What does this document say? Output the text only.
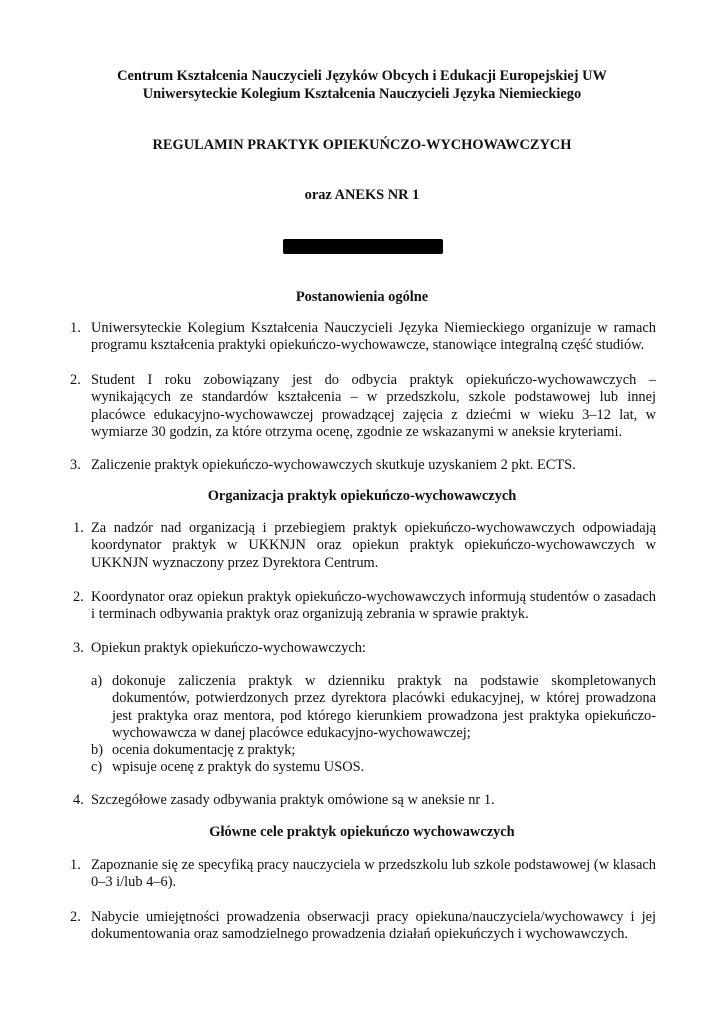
Centrum Kształcenia Nauczycieli Języków Obcych i Edukacji Europejskiej UW
Uniwersyteckie Kolegium Kształcenia Nauczycieli Języka Niemieckiego
REGULAMIN PRAKTYK OPIEKUŃCZO-WYCHOWAWCZYCH
oraz ANEKS NR 1
Postanowienia ogólne
1. Uniwersyteckie Kolegium Kształcenia Nauczycieli Języka Niemieckiego organizuje w ramach programu kształcenia praktyki opiekuńczo-wychowawcze, stanowiące integralną część studiów.
2. Student I roku zobowiązany jest do odbycia praktyk opiekuńczo-wychowawczych – wynikających ze standardów kształcenia – w przedszkolu, szkole podstawowej lub innej placówce edukacyjno-wychowawczej prowadzącej zajęcia z dziećmi w wieku 3–12 lat, w wymiarze 30 godzin, za które otrzyma ocenę, zgodnie ze wskazanymi w aneksie kryteriami.
3. Zaliczenie praktyk opiekuńczo-wychowawczych skutkuje uzyskaniem 2 pkt. ECTS.
Organizacja praktyk opiekuńczo-wychowawczych
1. Za nadzór nad organizacją i przebiegiem praktyk opiekuńczo-wychowawczych odpowiadają koordynator praktyk w UKKNJN oraz opiekun praktyk opiekuńczo-wychowawczych w UKKNJN wyznaczony przez Dyrektora Centrum.
2. Koordynator oraz opiekun praktyk opiekuńczo-wychowawczych informują studentów o zasadach i terminach odbywania praktyk oraz organizują zebrania w sprawie praktyk.
3. Opiekun praktyk opiekuńczo-wychowawczych:
a) dokonuje zaliczenia praktyk w dzienniku praktyk na podstawie skompletowanych dokumentów, potwierdzonych przez dyrektora placówki edukacyjnej, w której prowadzona jest praktyka oraz mentora, pod którego kierunkiem prowadzona jest praktyka opiekuńczo-wychowawcza w danej placówce edukacyjno-wychowawczej;
b) ocenia dokumentację z praktyk;
c) wpisuje ocenę z praktyk do systemu USOS.
4. Szczegółowe zasady odbywania praktyk omówione są w aneksie nr 1.
Główne cele praktyk opiekuńczo wychowawczych
1. Zapoznanie się ze specyfiką pracy nauczyciela w przedszkolu lub szkole podstawowej (w klasach 0–3 i/lub 4–6).
2. Nabycie umiejętności prowadzenia obserwacji pracy opiekuna/nauczyciela/wychowawcy i jej dokumentowania oraz samodzielnego prowadzenia działań opiekuńczych i wychowawczych.
